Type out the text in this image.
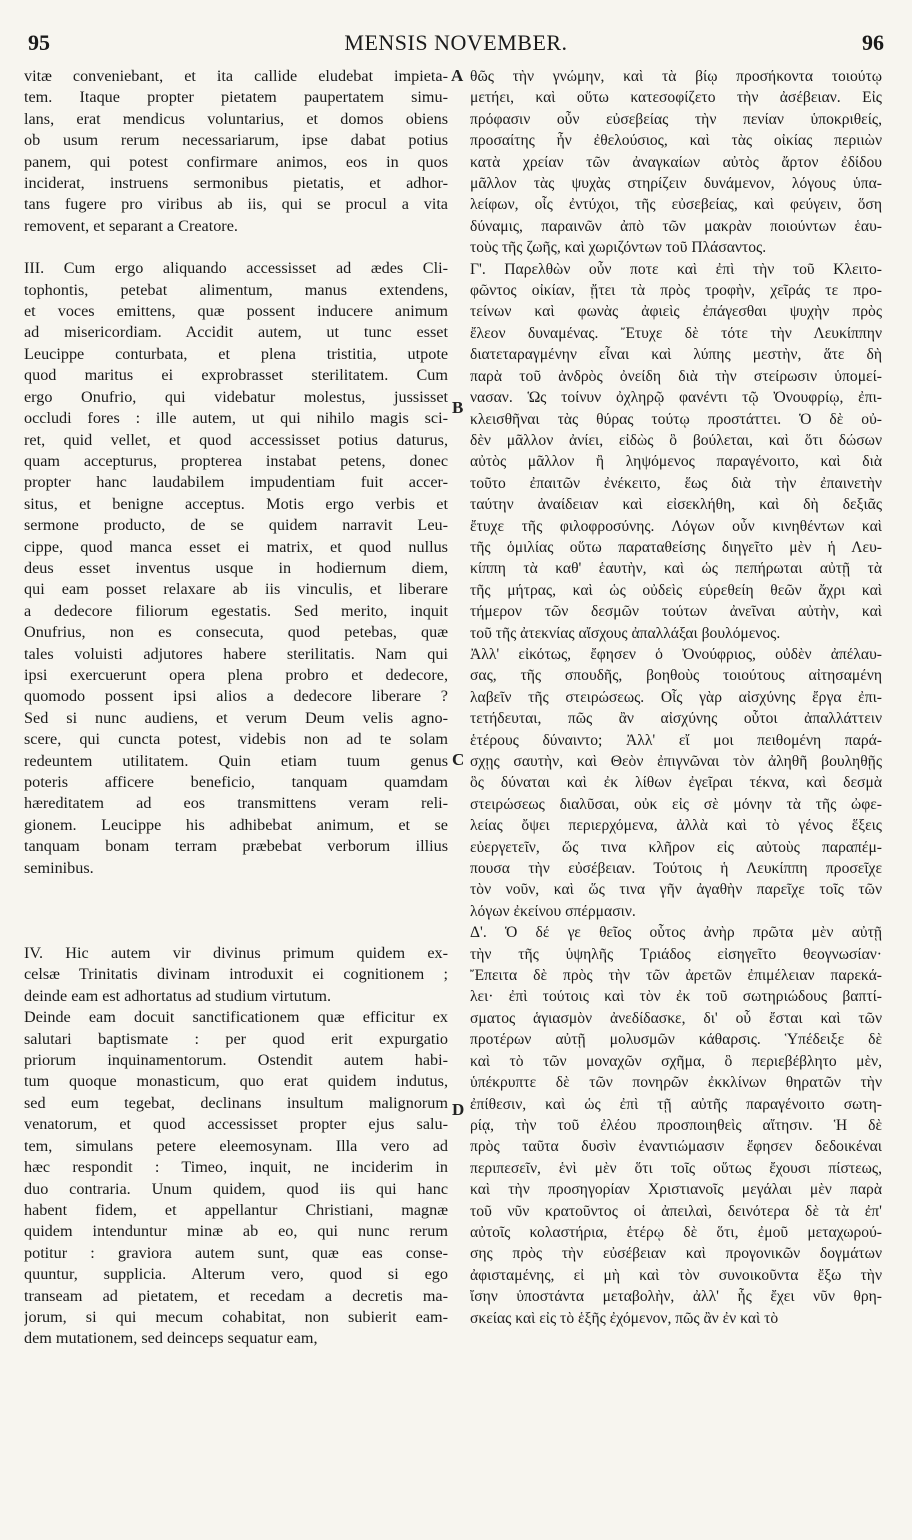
95	MENSIS NOVEMBER.	96
A
B
C
D
vitæ conveniebant, et ita callide eludebat impieta-
tem. Itaque propter pietatem paupertatem simu-
lans, erat mendicus voluntarius, et domos obiens
ob usum rerum necessariarum, ipse dabat potius
panem, qui potest confirmare animos, eos in quos
inciderat, instruens sermonibus pietatis, et adhor-
tans fugere pro viribus ab iis, qui se procul a vita
removent, et separant a Creatore.
III. Cum ergo aliquando accessisset ad ædes Cli-
tophontis, petebat alimentum, manus extendens,
et voces emittens, quæ possent inducere animum
ad misericordiam. Accidit autem, ut tunc esset
Leucippe conturbata, et plena tristitia, utpote
quod maritus ei exprobrasset sterilitatem. Cum
ergo Onufrio, qui videbatur molestus, jussisset
occludi fores : ille autem, ut qui nihilo magis sci-
ret, quid vellet, et quod accessisset potius daturus,
quam accepturus, propterea instabat petens, donec
propter hanc laudabilem impudentiam fuit accer-
situs, et benigne acceptus. Motis ergo verbis et
sermone producto, de se quidem narravit Leu-
cippe, quod manca esset ei matrix, et quod nullus
deus esset inventus usque in hodiernum diem,
qui eam posset relaxare ab iis vinculis, et liberare
a dedecore filiorum egestatis. Sed merito, inquit
Onufrius, non es consecuta, quod petebas, quæ
tales voluisti adjutores habere sterilitatis. Nam qui
ipsi exercuerunt opera plena probro et dedecore,
quomodo possent ipsi alios a dedecore liberare ?
Sed si nunc audiens, et verum Deum velis agno-
scere, qui cuncta potest, videbis non ad te solam
redeuntem utilitatem. Quin etiam tuum genus
poteris afficere beneficio, tanquam quamdam
hæreditatem ad eos transmittens veram reli-
gionem. Leucippe his adhibebat animum, et se
tanquam bonam terram præbebat verborum illius
seminibus.
IV. Hic autem vir divinus primum quidem ex-
celsæ Trinitatis divinam introduxit ei cognitionem ;
deinde eam est adhortatus ad studium virtutum.
Deinde eam docuit sanctificationem quæ efficitur ex
salutari baptismate : per quod erit expurgatio
priorum inquinamentorum. Ostendit autem habi-
tum quoque monasticum, quo erat quidem indutus,
sed eum tegebat, declinans insultum malignorum
venatorum, et quod accessisset propter ejus salu-
tem, simulans petere eleemosynam. Illa vero ad
hæc respondit : Timeo, inquit, ne inciderim in
duo contraria. Unum quidem, quod iis qui hanc
habent fidem, et appellantur Christiani, magnæ
quidem intenduntur minæ ab eo, qui nunc rerum
potitur : graviora autem sunt, quæ eas conse-
quuntur, supplicia. Alterum vero, quod si ego
transeam ad pietatem, et recedam a decretis ma-
jorum, si qui mecum cohabitat, non subierit eam-
dem mutationem, sed deinceps sequatur eam,
θῶς τὴν γνώμην, καὶ τὰ βίῳ προσήκοντα τοιούτῳ
μετήει, καὶ οὕτω κατεσοφίζετο τὴν ἀσέβειαν. Εἰς
πρόφασιν οὖν εὐσεβείας τὴν πενίαν ὑποκριθείς,
προσαίτης ἦν ἐθελούσιος, καὶ τὰς οἰκίας περιιὼν
κατὰ χρείαν τῶν ἀναγκαίων αὐτὸς ἄρτον ἐδίδου
μᾶλλον τὰς ψυχὰς στηρίζειν δυνάμενον, λόγους ὑπα-
λείφων, οἷς ἐντύχοι, τῆς εὐσεβείας, καὶ φεύγειν, ὅση
δύναμις, παραινῶν ἀπὸ τῶν μακρὰν ποιούντων ἑαυ-
τοὺς τῆς ζωῆς, καὶ χωριζόντων τοῦ Πλάσαντος.
Γ'. Παρελθὼν οὖν ποτε καὶ ἐπὶ τὴν τοῦ Κλειτο-
φῶντος οἰκίαν, ᾔτει τὰ πρὸς τροφὴν, χεῖράς τε προ-
τείνων καὶ φωνὰς ἀφιεὶς ἐπάγεσθαι ψυχὴν πρὸς
ἔλεον δυναμένας. Ἔτυχε δὲ τότε τὴν Λευκίππην
διατεταραγμένην εἶναι καὶ λύπης μεστὴν, ἅτε δὴ
παρὰ τοῦ ἀνδρὸς ὀνείδη διὰ τὴν στείρωσιν ὑπομεί-
νασαν. Ὡς τοίνυν ὀχληρῷ φανέντι τῷ Ὀνουφρίῳ, ἐπι-
κλεισθῆναι τὰς θύρας τούτῳ προστάττει. Ὁ δὲ οὐ-
δὲν μᾶλλον ἀνίει, εἰδὼς ὃ βούλεται, καὶ ὅτι δώσων
αὐτὸς μᾶλλον ἢ ληψόμενος παραγένοιτο, καὶ διὰ
τοῦτο ἐπαιτῶν ἐνέκειτο, ἕως διὰ τὴν ἐπαινετὴν
ταύτην ἀναίδειαν καὶ εἰσεκλήθη, καὶ δὴ δεξιᾶς
ἔτυχε τῆς φιλοφροσύνης. Λόγων οὖν κινηθέντων καὶ
τῆς ὁμιλίας οὕτω παραταθείσης διηγεῖτο μὲν ἡ Λευ-
κίππη τὰ καθ' ἑαυτὴν, καὶ ὡς πεπήρωται αὐτῇ τὰ
τῆς μήτρας, καὶ ὡς οὐδεὶς εὑρεθείη θεῶν ἄχρι καὶ
τήμερον τῶν δεσμῶν τούτων ἀνεῖναι αὐτὴν, καὶ
τοῦ τῆς ἀτεκνίας αἴσχους ἀπαλλάξαι βουλόμενος.
Ἀλλ' εἰκότως, ἔφησεν ὁ Ὀνούφριος, οὐδὲν ἀπέλαυ-
σας, τῆς σπουδῆς, βοηθοὺς τοιούτους αἰτησαμένη
λαβεῖν τῆς στειρώσεως. Οἷς γὰρ αἰσχύνης ἔργα ἐπι-
τετήδευται, πῶς ἂν αἰσχύνης οὗτοι ἀπαλλάττειν
ἑτέρους δύναιντο; Ἀλλ' εἴ μοι πειθομένη παρά-
σχῃς σαυτὴν, καὶ Θεὸν ἐπιγνῶναι τὸν ἀληθῆ βουληθῇς
ὃς δύναται καὶ ἐκ λίθων ἐγεῖραι τέκνα, καὶ δεσμὰ
στειρώσεως διαλῦσαι, οὐκ εἰς σὲ μόνην τὰ τῆς ὠφε-
λείας ὄψει περιερχόμενα, ἀλλὰ καὶ τὸ γένος ἕξεις
εὐεργετεῖν, ὥς τινα κλῆρον εἰς αὐτοὺς παραπέμ-
πουσα τὴν εὐσέβειαν. Τούτοις ἡ Λευκίππη προσεῖχε
τὸν νοῦν, καὶ ὥς τινα γῆν ἀγαθὴν παρεῖχε τοῖς τῶν
λόγων ἐκείνου σπέρμασιν.
Δ'. Ὁ δέ γε θεῖος οὗτος ἀνὴρ πρῶτα μὲν αὐτῇ
τὴν τῆς ὑψηλῆς Τριάδος εἰσηγεῖτο θεογνωσίαν·
Ἔπειτα δὲ πρὸς τὴν τῶν ἀρετῶν ἐπιμέλειαν παρεκά-
λει· ἐπὶ τούτοις καὶ τὸν ἐκ τοῦ σωτηριώδους βαπτί-
σματος ἁγιασμὸν ἀνεδίδασκε, δι' οὗ ἔσται καὶ τῶν
προτέρων αὐτῇ μολυσμῶν κάθαρσις. Ὑπέδειξε δὲ
καὶ τὸ τῶν μοναχῶν σχῆμα, ὃ περιεβέβλητο μὲν,
ὑπέκρυπτε δὲ τῶν πονηρῶν ἐκκλίνων θηρατῶν τὴν
ἐπίθεσιν, καὶ ὡς ἐπὶ τῇ αὐτῆς παραγένοιτο σωτη-
ρίᾳ, τὴν τοῦ ἐλέου προσποιηθεὶς αἴτησιν. Ἡ δὲ
πρὸς ταῦτα δυσὶν ἐναντιώμασιν ἔφησεν δεδοικέναι
περιπεσεῖν, ἑνὶ μὲν ὅτι τοῖς οὕτως ἔχουσι πίστεως,
καὶ τὴν προσηγορίαν Χριστιανοῖς μεγάλαι μὲν παρὰ
τοῦ νῦν κρατοῦντος οἱ ἀπειλαὶ, δεινότερα δὲ τὰ ἐπ'
αὐτοῖς κολαστήρια, ἑτέρῳ δὲ ὅτι, ἐμοῦ μεταχωρού-
σης πρὸς τὴν εὐσέβειαν καὶ προγονικῶν δογμάτων
ἀφισταμένης, εἰ μὴ καὶ τὸν συνοικοῦντα ἔξω τὴν
ἴσην ὑποστάντα μεταβολὴν, ἀλλ' ἧς ἔχει νῦν θρη-
σκείας καὶ εἰς τὸ ἑξῆς ἐχόμενον, πῶς ἂν ἐν καὶ τὸ
